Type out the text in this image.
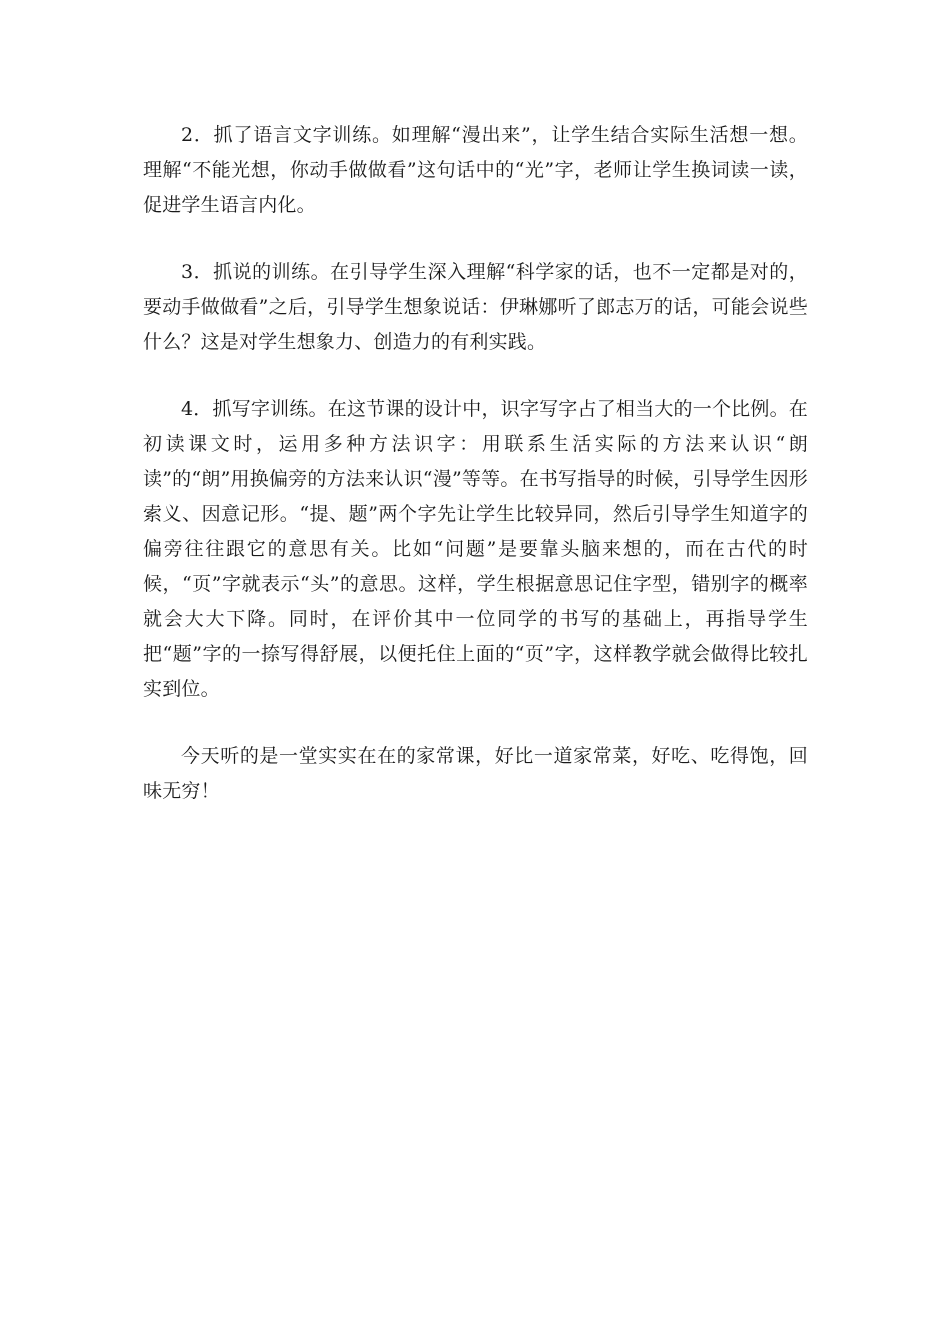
2．抓了语言文字训练。如理解“漫出来”，让学生结合实际生活想一想。理解“不能光想，你动手做做看”这句话中的“光”字，老师让学生换词读一读，促进学生语言内化。

3．抓说的训练。在引导学生深入理解“科学家的话，也不一定都是对的，要动手做做看”之后，引导学生想象说话：伊琳娜听了郎志万的话，可能会说些什么？这是对学生想象力、创造力的有利实践。

4．抓写字训练。在这节课的设计中，识字写字占了相当大的一个比例。在初读课文时，运用多种方法识字：用联系生活实际的方法来认识“朗读”的“朗”用换偏旁的方法来认识“漫”等等。在书写指导的时候，引导学生因形索义、因意记形。“提、题”两个字先让学生比较异同，然后引导学生知道字的偏旁往往跟它的意思有关。比如“问题”是要靠头脑来想的，而在古代的时候，“页”字就表示“头”的意思。这样，学生根据意思记住字型，错别字的概率就会大大下降。同时，在评价其中一位同学的书写的基础上，再指导学生把“题”字的一捺写得舒展，以便托住上面的“页”字，这样教学就会做得比较扎实到位。

今天听的是一堂实实在在的家常课，好比一道家常菜，好吃、吃得饱，回味无穷！
